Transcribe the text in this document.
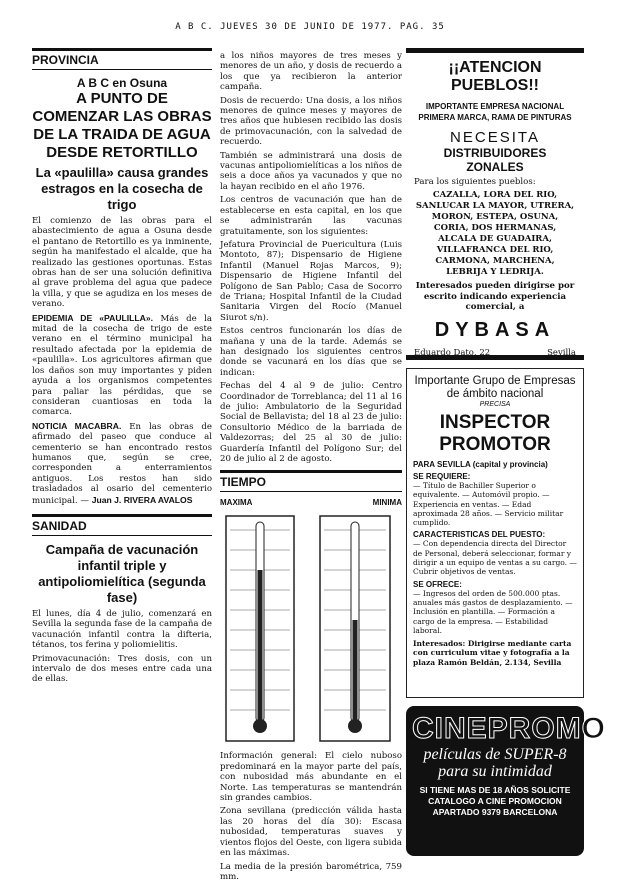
A B C. JUEVES 30 DE JUNIO DE 1977. PAG. 35
PROVINCIA
A B C en Osuna
A PUNTO DE COMENZAR LAS OBRAS DE LA TRAIDA DE AGUA DESDE RETORTILLO
La «paulilla» causa grandes estragos en la cosecha de trigo

El comienzo de las obras para el abastecimiento de agua a Osuna desde el pantano de Retortillo es ya inminente, según ha manifestado el alcalde, que ha realizado las gestiones oportunas. Estas obras han de ser una solución definitiva al grave problema del agua que padece la villa, y que se agudiza en los meses de verano.

EPIDEMIA DE «PAULILLA». Más de la mitad de la cosecha de trigo de este verano en el término municipal ha resultado afectada por la epidemia de «paulilla». Los agricultores afirman que los daños son muy importantes y piden ayuda a los organismos competentes para paliar las pérdidas, que se consideran cuantiosas en toda la comarca.

NOTICIA MACABRA. En las obras de afirmado del paseo que conduce al cementerio se han encontrado restos humanos que, según se cree, corresponden a enterramientos antiguos. Los restos han sido trasladados al osario del cementerio municipal. — Juan J. RIVERA AVALOS

SANIDAD
Campaña de vacunación infantil triple y antipoliomielítica (segunda fase)

El lunes, día 4 de julio, comenzará en Sevilla la segunda fase de la campaña de vacunación infantil contra la difteria, tétanos, tos ferina y poliomielitis.

Primovacunación: Tres dosis, con un intervalo de dos meses entre cada una de ellas.

a los niños mayores de tres meses y menores de un año, y dosis de recuerdo a los que ya recibieron la anterior campaña.

Dosis de recuerdo: Una dosis, a los niños menores de quince meses y mayores de tres años que hubiesen recibido las dosis de primovacunación, con la salvedad de recuerdo.

También se administrará una dosis de vacunas antipoliomielíticas a los niños de seis a doce años ya vacunados y que no la hayan recibido en el año 1976.

Los centros de vacunación que han de establecerse en esta capital, en los que se administrarán las vacunas gratuitamente, son los siguientes:

Jefatura Provincial de Puericultura (Luis Montoto, 87); Dispensario de Higiene Infantil (Manuel Rojas Marcos, 9); Dispensario de Higiene Infantil del Polígono de San Pablo; Casa de Socorro de Triana; Hospital Infantil de la Ciudad Sanitaria Virgen del Rocío (Manuel Siurot s/n).

Estos centros funcionarán los días de mañana y una de la tarde. Además se han designado los siguientes centros donde se vacunará en los días que se indican:

Fechas del 4 al 9 de julio: Centro Coordinador de Torreblanca; del 11 al 16 de julio: Ambulatorio de la Seguridad Social de Bellavista; del 18 al 23 de julio: Consultorio Médico de la barriada de Valdezorras; del 25 al 30 de julio: Guardería Infantil del Polígono Sur; del 20 de julio al 2 de agosto.

TIEMPO
MAXIMA	MINIMA

Información general: El cielo nuboso predominará en la mayor parte del país, con nubosidad más abundante en el Norte. Las temperaturas se mantendrán sin grandes cambios.

Zona sevillana (predicción válida hasta las 20 horas del día 30): Escasa nubosidad, temperaturas suaves y vientos flojos del Oeste, con ligera subida en las máximas.

La media de la presión barométrica, 759 mm.

¡¡ATENCION PUEBLOS!!
IMPORTANTE EMPRESA NACIONAL PRIMERA MARCA, RAMA DE PINTURAS
NECESITA
DISTRIBUIDORES ZONALES
Para los siguientes pueblos:
CAZALLA, LORA DEL RIO, SANLUCAR LA MAYOR, UTRERA, MORON, ESTEPA, OSUNA, CORIA, DOS HERMANAS, ALCALA DE GUADAIRA, VILLAFRANCA DEL RIO, CARMONA, MARCHENA, LEBRIJA Y LEDRIJA.
Interesados pueden dirigirse por escrito indicando experiencia comercial, a
DYBASA
Eduardo Dato, 22	Sevilla
Importante Grupo de Empresas de ámbito nacional
PRECISA
INSPECTOR PROMOTOR
PARA SEVILLA (capital y provincia)
SE REQUIERE:
— Título de Bachiller Superior o equivalente. — Automóvil propio. — Experiencia en ventas. — Edad aproximada 28 años. — Servicio militar cumplido.
CARACTERISTICAS DEL PUESTO:
— Con dependencia directa del Director de Personal, deberá seleccionar, formar y dirigir a un equipo de ventas a su cargo. — Cubrir objetivos de ventas.
SE OFRECE:
— Ingresos del orden de 500.000 ptas. anuales más gastos de desplazamiento. — Inclusión en plantilla. — Formación a cargo de la empresa. — Estabilidad laboral.
Interesados: Dirigirse mediante carta con curriculum vitae y fotografía a la plaza Ramón Beldán, 2.134, Sevilla
CINEPROMO
películas de SUPER-8 para su intimidad
SI TIENE MAS DE 18 AÑOS SOLICITE CATALOGO A CINE PROMOCION APARTADO 9379 BARCELONA
